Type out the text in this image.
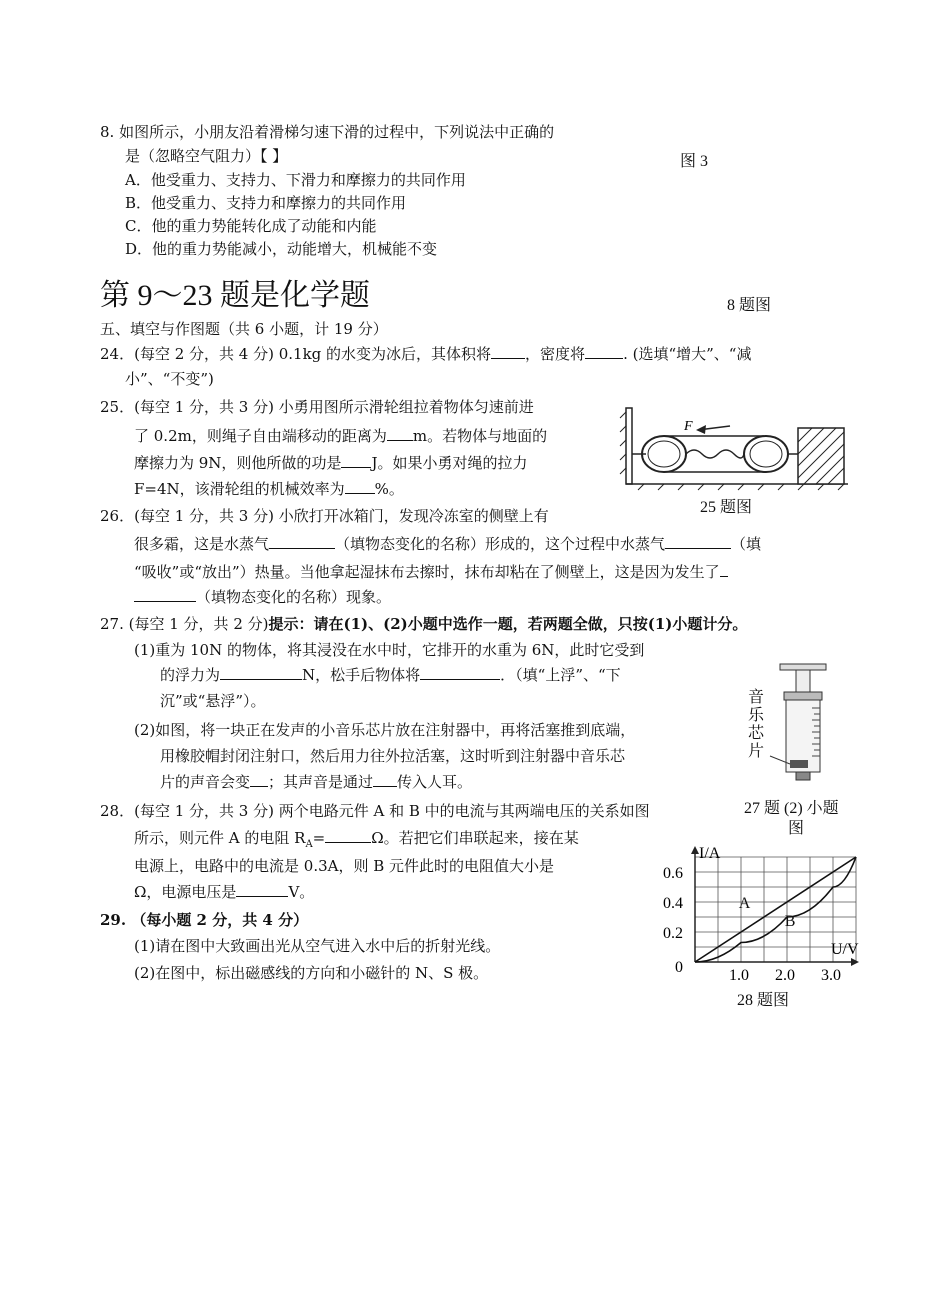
8. 如图所示，小朋友沿着滑梯匀速下滑的过程中，下列说法中正确的
是（忽略空气阻力）【 】
A．他受重力、支持力、下滑力和摩擦力的共同作用
B．他受重力、支持力和摩擦力的共同作用
C．他的重力势能转化成了动能和内能
D．他的重力势能减小，动能增大，机械能不变
图 3
8 题图
第 9～23 题是化学题
五、填空与作图题（共 6 小题，计 19 分）
24．(每空 2 分，共 4 分) 0.1kg 的水变为冰后，其体积将 ，密度将	. (选填“增大”、“减
小”、“不变”)
25．(每空 1 分，共 3 分) 小勇用图所示滑轮组拉着物体匀速前进
了 0.2m，则绳子自由端移动的距离为 m。若物体与地面的
摩擦力为 9N，则他所做的功是 J。如果小勇对绳的拉力
F=4N，该滑轮组的机械效率为 %。
F
25 题图
26．(每空 1 分，共 3 分) 小欣打开冰箱门，发现冷冻室的侧壁上有
很多霜，这是水蒸气	（填物态变化的名称）形成的，这个过程中水蒸气	（填
“吸收”或“放出”）热量。当他拿起湿抹布去擦时，抹布却粘在了侧壁上，这是因为发生了
（填物态变化的名称）现象。
27. (每空 1 分，共 2 分)提示：请在(1)、(2)小题中选作一题，若两题全做，只按(1)小题计分。
(1)重为 10N 的物体，将其浸没在水中时，它排开的水重为 6N，此时它受到
的浮力为	N，松手后物体将	．（填“上浮”、“下
沉”或“悬浮”）。
(2)如图，将一块正在发声的小音乐芯片放在注射器中，再将活塞推到底端，
用橡胶帽封闭注射口，然后用力往外拉活塞，这时听到注射器中音乐芯
片的声音会变 ；其声音是通过 传入人耳。
音
乐
芯
片
27 题 (2) 小题
图
28．(每空 1 分，共 3 分) 两个电路元件 A 和 B 中的电流与其两端电压的关系如图
所示，则元件 A 的电阻 $R_A=$	Ω。若把它们串联起来，接在某
电源上，电路中的电流是 0.3A，则 B 元件此时的电阻值大小是
Ω，电源电压是	V。
I/A
U/V
0	1.0 2.0 3.0
0.2
0.4
0.6
A
B
28 题图
29. （每小题 2 分，共 4 分）
(1)请在图中大致画出光从空气进入水中后的折射光线。
(2)在图中，标出磁感线的方向和小磁针的 N、S 极。
